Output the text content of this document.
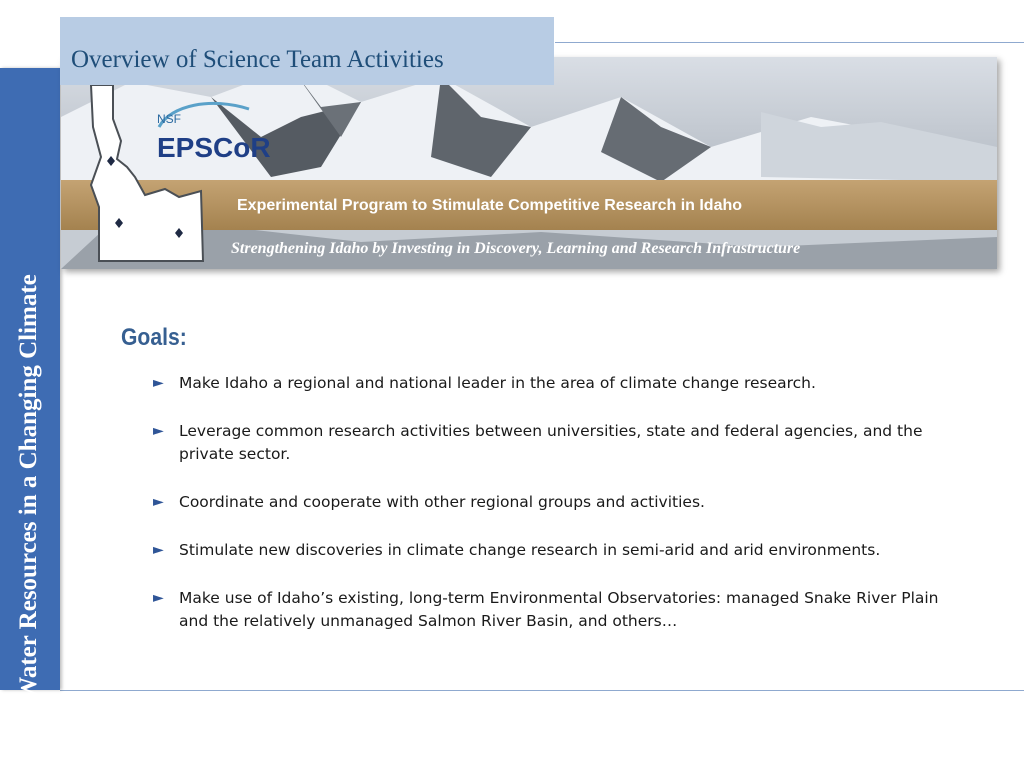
Water Resources in a Changing Climate
NSF
EPSCoR
Experimental Program to Stimulate Competitive Research in Idaho
Strengthening Idaho by Investing in Discovery, Learning and Research Infrastructure
Overview of Science Team Activities
Goals:
► Make Idaho a regional and national leader in the area of climate change research.
► Leverage common research activities between universities, state and federal agencies, and the private sector.
► Coordinate and cooperate with other regional groups and activities.
► Stimulate new discoveries in climate change research in semi-arid and arid environments.
► Make use of Idaho’s existing, long-term Environmental Observatories: managed Snake River Plain and the relatively unmanaged Salmon River Basin, and others…
